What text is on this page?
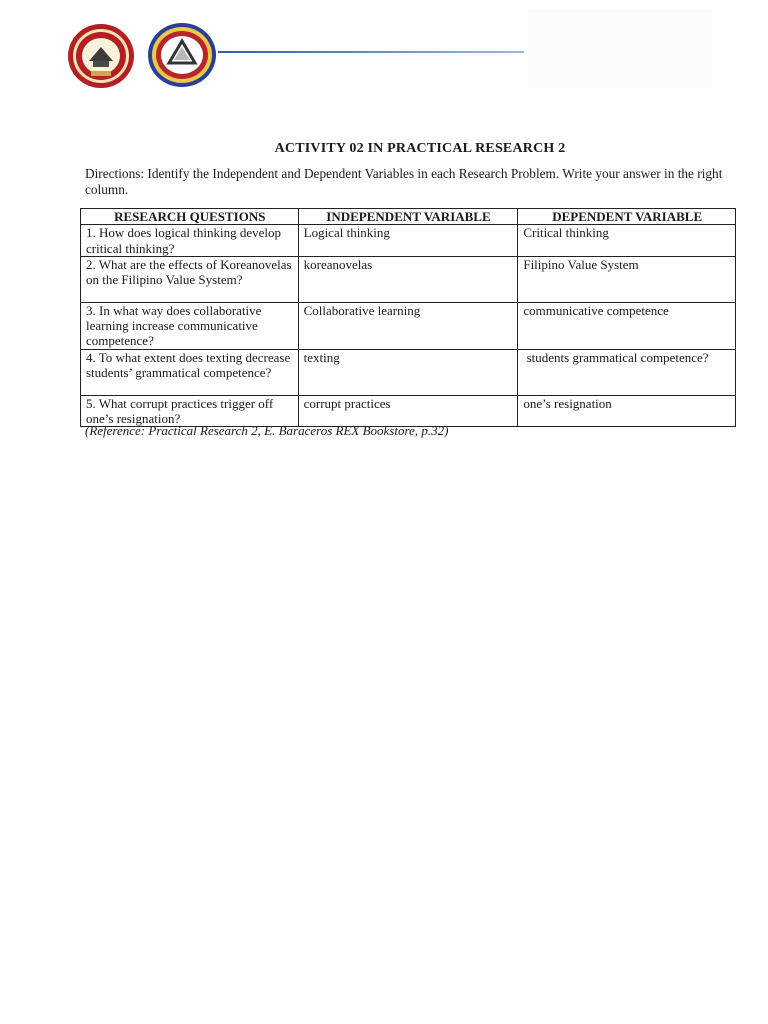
ACTIVITY 02 IN PRACTICAL RESEARCH 2
Directions: Identify the Independent and Dependent Variables in each Research Problem. Write your answer in the right column.
RESEARCH QUESTIONS	INDEPENDENT VARIABLE	DEPENDENT VARIABLE
1. How does logical thinking develop critical thinking?	Logical thinking	Critical thinking
2. What are the effects of Koreanovelas on the Filipino Value System?	koreanovelas	Filipino Value System
3. In what way does collaborative learning increase communicative competence?	Collaborative learning	communicative competence
4. To what extent does texting decrease students’ grammatical competence?	texting	students grammatical competence?
5. What corrupt practices trigger off one’s resignation?	corrupt practices	one’s resignation
(Reference: Practical Research 2, E. Baraceros REX Bookstore, p.32)
